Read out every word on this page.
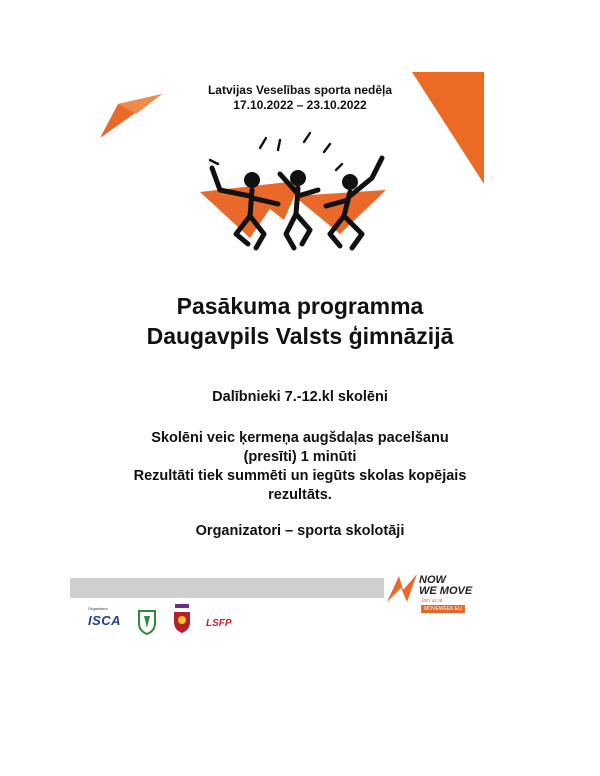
Latvijas Veselības sporta nedēļa
17.10.2022 – 23.10.2022
Pasākuma programma
Daugavpils Valsts ģimnāzijā
Dalībnieki 7.-12.kl skolēni
Skolēni veic ķermeņa augšdaļas pacelšanu
(presīti) 1 minūti
Rezultāti tiek summēti un iegūts skolas kopējais
rezultāts.
Organizatori – sporta skolotāji
NOW
WE MOVE
Join us at
MOVEWEEK.EU
Organisers
ISCA	LSFP
